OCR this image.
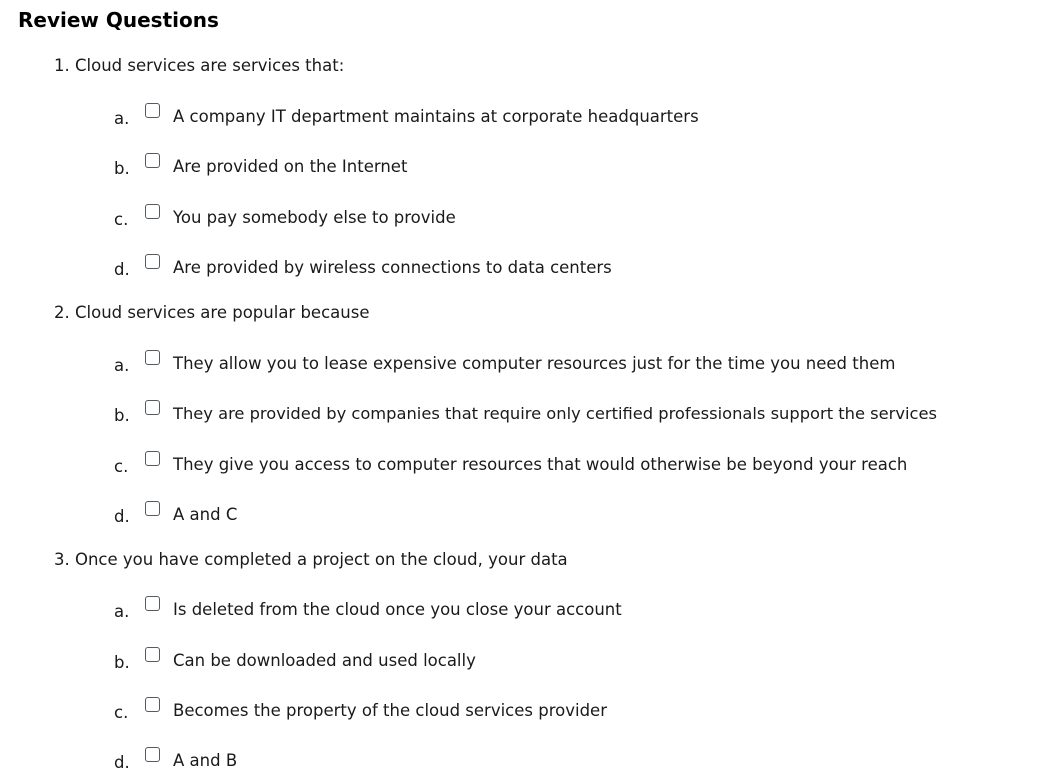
Review Questions
1. Cloud services are services that:
a.	A company IT department maintains at corporate headquarters
b.	Are provided on the Internet
c.	You pay somebody else to provide
d.	Are provided by wireless connections to data centers
2. Cloud services are popular because
a.	They allow you to lease expensive computer resources just for the time you need them
b.	They are provided by companies that require only certified professionals support the services
c.	They give you access to computer resources that would otherwise be beyond your reach
d.	A and C
3. Once you have completed a project on the cloud, your data
a.	Is deleted from the cloud once you close your account
b.	Can be downloaded and used locally
c.	Becomes the property of the cloud services provider
d.	A and B
